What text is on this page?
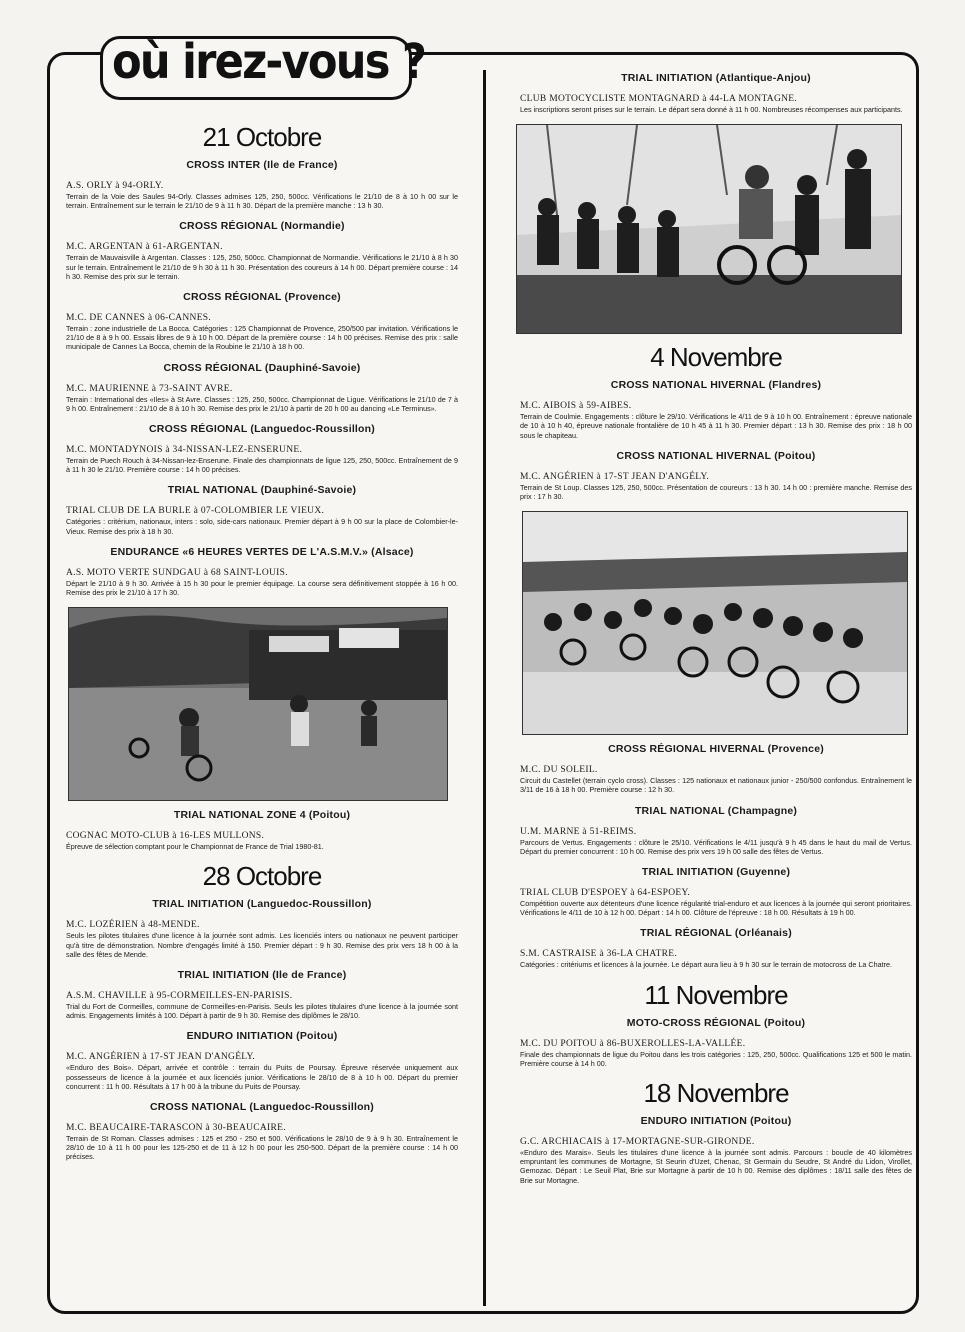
où irez-vous ?
21 Octobre
CROSS INTER (Ile de France)
A.S. ORLY à 94-ORLY.
Terrain de la Voie des Saules 94-Orly. Classes admises 125, 250, 500cc. Vérifications le 21/10 de 8 à 10 h 00 sur le terrain. Entraînement sur le terrain le 21/10 de 9 à 11 h 30. Départ de la première manche : 13 h 30.
CROSS RÉGIONAL (Normandie)
M.C. ARGENTAN à 61-ARGENTAN.
Terrain de Mauvaisville à Argentan. Classes : 125, 250, 500cc. Championnat de Normandie. Vérifications le 21/10 à 8 h 30 sur le terrain. Entraînement le 21/10 de 9 h 30 à 11 h 30. Présentation des coureurs à 14 h 00. Départ première course : 14 h 30. Remise des prix sur le terrain.
CROSS RÉGIONAL (Provence)
M.C. DE CANNES à 06-CANNES.
Terrain : zone industrielle de La Bocca. Catégories : 125 Championnat de Provence, 250/500 par invitation. Vérifications le 21/10 de 8 à 9 h 00. Essais libres de 9 à 10 h 00. Départ de la première course : 14 h 00 précises. Remise des prix : salle municipale de Cannes La Bocca, chemin de la Roubine le 21/10 à 18 h 00.
CROSS RÉGIONAL (Dauphiné-Savoie)
M.C. MAURIENNE à 73-SAINT AVRE.
Terrain : International des «Iles» à St Avre. Classes : 125, 250, 500cc. Championnat de Ligue. Vérifications le 21/10 de 7 à 9 h 00. Entraînement : 21/10 de 8 à 10 h 30. Remise des prix le 21/10 à partir de 20 h 00 au dancing «Le Terminus».
CROSS RÉGIONAL (Languedoc-Roussillon)
M.C. MONTADYNOIS à 34-NISSAN-LEZ-ENSERUNE.
Terrain de Puech Rouch à 34-Nissan-lez-Enserune. Finale des championnats de ligue 125, 250, 500cc. Entraînement de 9 à 11 h 30 le 21/10. Première course : 14 h 00 précises.
TRIAL NATIONAL (Dauphiné-Savoie)
TRIAL CLUB DE LA BURLE à 07-COLOMBIER LE VIEUX.
Catégories : critérium, nationaux, inters : solo, side-cars nationaux. Premier départ à 9 h 00 sur la place de Colombier-le-Vieux. Remise des prix à 18 h 30.
ENDURANCE «6 HEURES VERTES DE L'A.S.M.V.» (Alsace)
A.S. MOTO VERTE SUNDGAU à 68 SAINT-LOUIS.
Départ le 21/10 à 9 h 30. Arrivée à 15 h 30 pour le premier équipage. La course sera définitivement stoppée à 16 h 00. Remise des prix le 21/10 à 17 h 30.
TRIAL NATIONAL ZONE 4 (Poitou)
COGNAC MOTO-CLUB à 16-LES MULLONS.
Épreuve de sélection comptant pour le Championnat de France de Trial 1980-81.
28 Octobre
TRIAL INITIATION (Languedoc-Roussillon)
M.C. LOZÉRIEN à 48-MENDE.
Seuls les pilotes titulaires d'une licence à la journée sont admis. Les licenciés inters ou nationaux ne peuvent participer qu'à titre de démonstration. Nombre d'engagés limité à 150. Premier départ : 9 h 30. Remise des prix vers 18 h 00 à la salle des fêtes de Mende.
TRIAL INITIATION (Ile de France)
A.S.M. CHAVILLE à 95-CORMEILLES-EN-PARISIS.
Trial du Fort de Cormeilles, commune de Cormeilles-en-Parisis. Seuls les pilotes titulaires d'une licence à la journée sont admis. Engagements limités à 100. Départ à partir de 9 h 30. Remise des diplômes le 28/10.
ENDURO INITIATION (Poitou)
M.C. ANGÉRIEN à 17-ST JEAN D'ANGÉLY.
«Enduro des Bois». Départ, arrivée et contrôle : terrain du Puits de Poursay. Épreuve réservée uniquement aux possesseurs de licence à la journée et aux licenciés junior. Vérifications le 28/10 de 8 à 10 h 00. Départ du premier concurrent : 11 h 00. Résultats à 17 h 00 à la tribune du Puits de Poursay.
CROSS NATIONAL (Languedoc-Roussillon)
M.C. BEAUCAIRE-TARASCON à 30-BEAUCAIRE.
Terrain de St Roman. Classes admises : 125 et 250 - 250 et 500. Vérifications le 28/10 de 9 à 9 h 30. Entraînement le 28/10 de 10 à 11 h 00 pour les 125-250 et de 11 à 12 h 00 pour les 250-500. Départ de la première course : 14 h 00 précises.
TRIAL INITIATION (Atlantique-Anjou)
CLUB MOTOCYCLISTE MONTAGNARD à 44-LA MONTAGNE.
Les inscriptions seront prises sur le terrain. Le départ sera donné à 11 h 00. Nombreuses récompenses aux participants.
4 Novembre
CROSS NATIONAL HIVERNAL (Flandres)
M.C. AIBOIS à 59-AIBES.
Terrain de Coulmie. Engagements : clôture le 29/10. Vérifications le 4/11 de 9 à 10 h 00. Entraînement : épreuve nationale de 10 à 10 h 40, épreuve nationale frontalière de 10 h 45 à 11 h 30. Premier départ : 13 h 30. Remise des prix : 18 h 00 sous le chapiteau.
CROSS NATIONAL HIVERNAL (Poitou)
M.C. ANGÉRIEN à 17-ST JEAN D'ANGÉLY.
Terrain de St Loup. Classes 125, 250, 500cc. Présentation de coureurs : 13 h 30. 14 h 00 : première manche. Remise des prix : 17 h 30.
CROSS RÉGIONAL HIVERNAL (Provence)
M.C. DU SOLEIL.
Circuit du Castellet (terrain cyclo cross). Classes : 125 nationaux et nationaux junior - 250/500 confondus. Entraînement le 3/11 de 16 à 18 h 00. Première course : 12 h 30.
TRIAL NATIONAL (Champagne)
U.M. MARNE à 51-REIMS.
Parcours de Vertus. Engagements : clôture le 25/10. Vérifications le 4/11 jusqu'à 9 h 45 dans le haut du mail de Vertus. Départ du premier concurrent : 10 h 00. Remise des prix vers 19 h 00 salle des fêtes de Vertus.
TRIAL INITIATION (Guyenne)
TRIAL CLUB D'ESPOEY à 64-ESPOEY.
Compétition ouverte aux détenteurs d'une licence régularité trial-enduro et aux licences à la journée qui seront prioritaires. Vérifications le 4/11 de 10 à 12 h 00. Départ : 14 h 00. Clôture de l'épreuve : 18 h 00. Résultats à 19 h 00.
TRIAL RÉGIONAL (Orléanais)
S.M. CASTRAISE à 36-LA CHATRE.
Catégories : critériums et licences à la journée. Le départ aura lieu à 9 h 30 sur le terrain de motocross de La Chatre.
11 Novembre
MOTO-CROSS RÉGIONAL (Poitou)
M.C. DU POITOU à 86-BUXEROLLES-LA-VALLÉE.
Finale des championnats de ligue du Poitou dans les trois catégories : 125, 250, 500cc. Qualifications 125 et 500 le matin. Première course à 14 h 00.
18 Novembre
ENDURO INITIATION (Poitou)
G.C. ARCHIACAIS à 17-MORTAGNE-SUR-GIRONDE.
«Enduro des Marais». Seuls les titulaires d'une licence à la journée sont admis. Parcours : boucle de 40 kilomètres empruntant les communes de Mortagne, St Seurin d'Uzet, Chenac, St Germain du Seudre, St André du Lidon, Virollet, Gemozac. Départ : Le Seuil Plat, Brie sur Mortagne à partir de 10 h 00. Remise des diplômes : 18/11 salle des fêtes de Brie sur Mortagne.
